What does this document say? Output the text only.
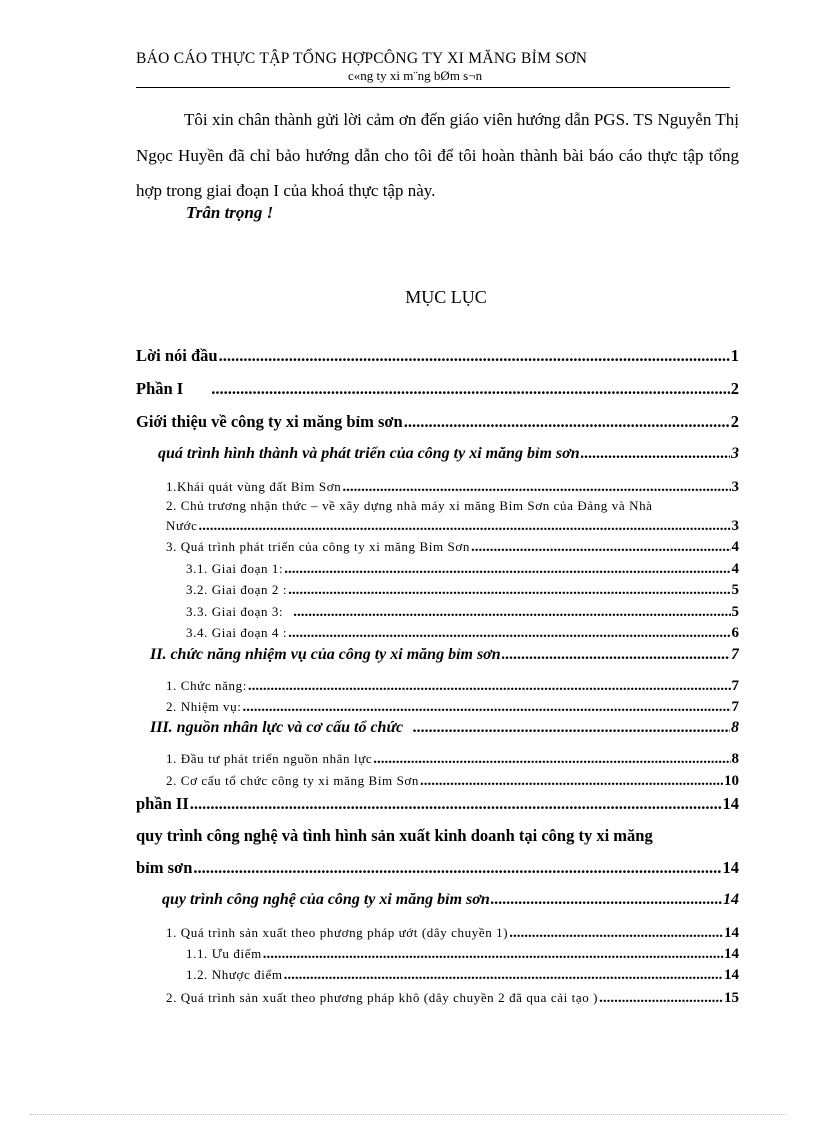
BÁO CÁO THỰC TẬP TỔNG HỢPCÔNG TY XI MĂNG BỈM SƠN
c«ng ty xi m¨ng bØm s¬n

Tôi xin chân thành gửi lời cảm ơn đến giáo viên hướng dẫn PGS. TS Nguyễn Thị Ngọc Huyền đã chỉ bảo hướng dẫn cho tôi để tôi hoàn thành bài báo cáo thực tập tổng hợp trong giai đoạn I của khoá thực tập này.

Trân trọng !
MỤC LỤC
Lời nói đầu .....	1
Phần I .....	2
Giới thiệu về công ty xi măng bỉm sơn .....	2
quá trình hình thành và phát triển của công ty xi măng bỉm sơn .....	3
1.Khái quát vùng đất Bỉm Sơn .....	3
2. Chủ trương nhận thức – về xây dựng nhà máy xi măng Bỉm Sơn của Đảng và Nhà
Nước .....	3
3. Quá trình phát triển của công ty xi măng Bỉm Sơn .....	4
3.1. Giai đoạn 1: .....	4
3.2. Giai đoạn 2 : .....	5
3.3. Giai đoạn 3: .....	5
3.4. Giai đoạn 4 : .....	6
II. chức năng nhiệm vụ của công ty xi măng bỉm sơn .....	7
1. Chức năng: .....	7
2. Nhiệm vụ: .....	7
III. nguồn nhân lực và cơ cấu tổ chức .....	8
1. Đầu tư phát triển nguồn nhân lực .....	8
2. Cơ cấu tổ chức công ty xi măng Bỉm Sơn .....	10
phần II .....	14
quy trình công nghệ và tình hình sản xuất kinh doanh tại công ty xi măng
bỉm sơn .....	14
quy trình công nghệ của công ty xi măng bỉm sơn .....	14
1. Quá trình sản xuất theo phương pháp ướt (dây chuyền 1) .....	14
1.1. Ưu điểm .....	14
1.2. Nhược điểm .....	14
2. Quá trình sản xuất theo phương pháp khô (dây chuyền 2 đã qua cải tạo ) .....	15
